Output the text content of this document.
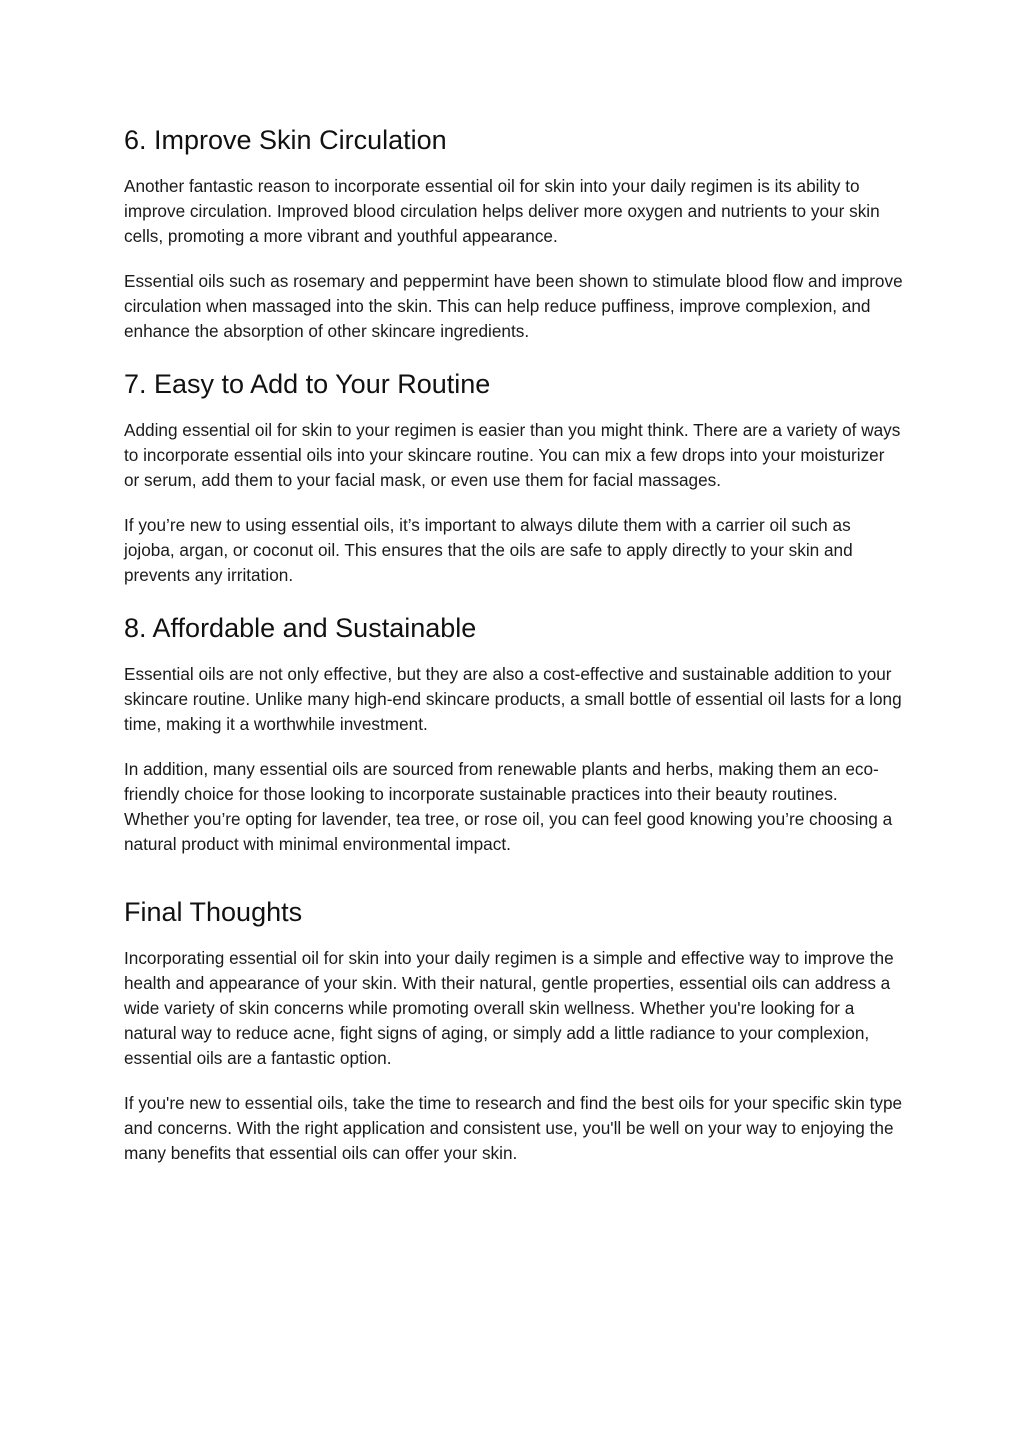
6. Improve Skin Circulation

Another fantastic reason to incorporate essential oil for skin into your daily regimen is its ability to improve circulation. Improved blood circulation helps deliver more oxygen and nutrients to your skin cells, promoting a more vibrant and youthful appearance.

Essential oils such as rosemary and peppermint have been shown to stimulate blood flow and improve circulation when massaged into the skin. This can help reduce puffiness, improve complexion, and enhance the absorption of other skincare ingredients.

7. Easy to Add to Your Routine

Adding essential oil for skin to your regimen is easier than you might think. There are a variety of ways to incorporate essential oils into your skincare routine. You can mix a few drops into your moisturizer or serum, add them to your facial mask, or even use them for facial massages.

If you’re new to using essential oils, it’s important to always dilute them with a carrier oil such as jojoba, argan, or coconut oil. This ensures that the oils are safe to apply directly to your skin and prevents any irritation.

8. Affordable and Sustainable

Essential oils are not only effective, but they are also a cost-effective and sustainable addition to your skincare routine. Unlike many high-end skincare products, a small bottle of essential oil lasts for a long time, making it a worthwhile investment.

In addition, many essential oils are sourced from renewable plants and herbs, making them an eco-friendly choice for those looking to incorporate sustainable practices into their beauty routines. Whether you’re opting for lavender, tea tree, or rose oil, you can feel good knowing you’re choosing a natural product with minimal environmental impact.

Final Thoughts

Incorporating essential oil for skin into your daily regimen is a simple and effective way to improve the health and appearance of your skin. With their natural, gentle properties, essential oils can address a wide variety of skin concerns while promoting overall skin wellness. Whether you're looking for a natural way to reduce acne, fight signs of aging, or simply add a little radiance to your complexion, essential oils are a fantastic option.

If you're new to essential oils, take the time to research and find the best oils for your specific skin type and concerns. With the right application and consistent use, you'll be well on your way to enjoying the many benefits that essential oils can offer your skin.
